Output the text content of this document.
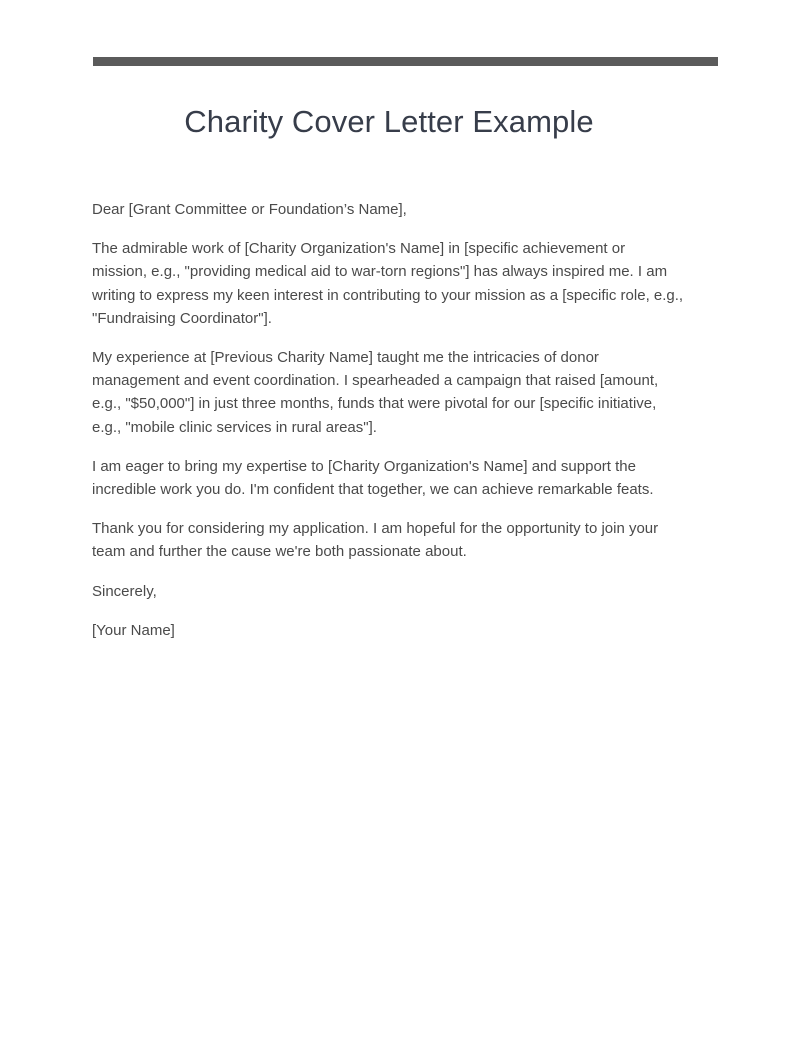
Charity Cover Letter Example

Dear [Grant Committee or Foundation’s Name],

The admirable work of [Charity Organization's Name] in [specific achievement or mission, e.g., "providing medical aid to war-torn regions"] has always inspired me. I am writing to express my keen interest in contributing to your mission as a [specific role, e.g., "Fundraising Coordinator"].

My experience at [Previous Charity Name] taught me the intricacies of donor management and event coordination. I spearheaded a campaign that raised [amount, e.g., "$50,000"] in just three months, funds that were pivotal for our [specific initiative, e.g., "mobile clinic services in rural areas"].

I am eager to bring my expertise to [Charity Organization's Name] and support the incredible work you do. I'm confident that together, we can achieve remarkable feats.

Thank you for considering my application. I am hopeful for the opportunity to join your team and further the cause we're both passionate about.

Sincerely,

[Your Name]
